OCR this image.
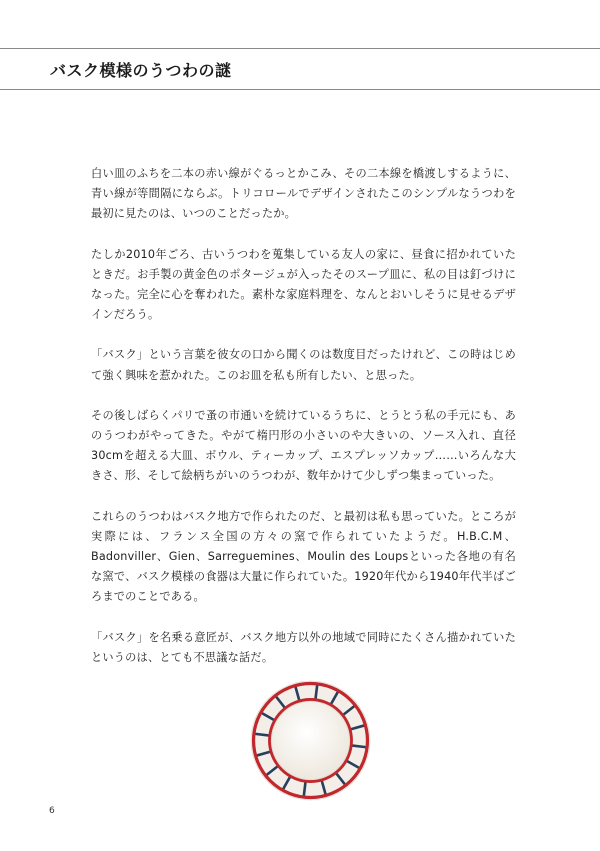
バスク模様のうつわの謎

白い皿のふちを二本の赤い線がぐるっとかこみ、その二本線を橋渡しするように、青い線が等間隔にならぶ。トリコロールでデザインされたこのシンプルなうつわを最初に見たのは、いつのことだったか。

たしか2010年ごろ、古いうつわを蒐集している友人の家に、昼食に招かれていたときだ。お手製の黄金色のポタージュが入ったそのスープ皿に、私の目は釘づけになった。完全に心を奪われた。素朴な家庭料理を、なんとおいしそうに見せるデザインだろう。

「バスク」という言葉を彼女の口から聞くのは数度目だったけれど、この時はじめて強く興味を惹かれた。このお皿を私も所有したい、と思った。

その後しばらくパリで蚤の市通いを続けているうちに、とうとう私の手元にも、あのうつわがやってきた。やがて楕円形の小さいのや大きいの、ソース入れ、直径30cmを超える大皿、ボウル、ティーカップ、エスプレッソカップ……いろんな大きさ、形、そして絵柄ちがいのうつわが、数年かけて少しずつ集まっていった。

これらのうつわはバスク地方で作られたのだ、と最初は私も思っていた。ところが実際には、フランス全国の方々の窯で作られていたようだ。H.B.C.M、Badonviller、Gien、Sarreguemines、Moulin des Loupsといった各地の有名な窯で、バスク模様の食器は大量に作られていた。1920年代から1940年代半ばごろまでのことである。

「バスク」を名乗る意匠が、バスク地方以外の地域で同時にたくさん描かれていたというのは、とても不思議な話だ。

6
